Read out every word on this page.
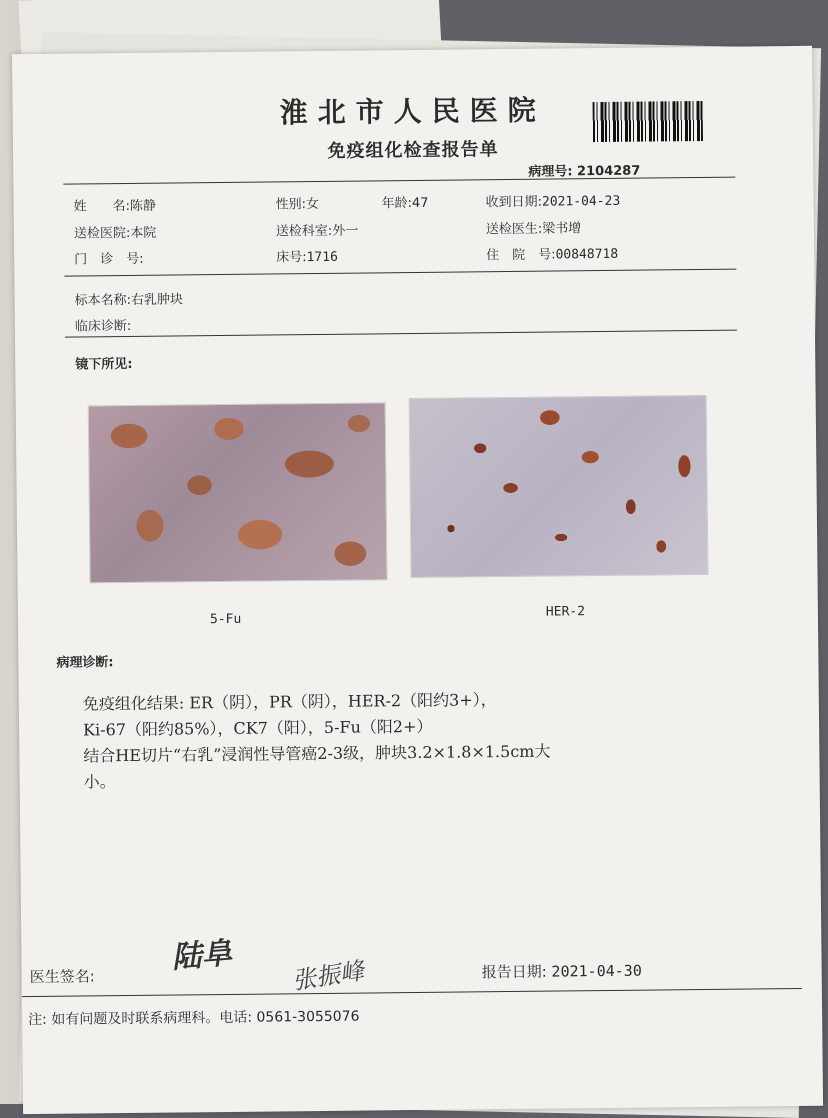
淮北市人民医院
免疫组化检查报告单
病理号: 2104287
姓　　名:陈静	性别:女	年龄:47	收到日期:2021-04-23
送检医院:本院	送检科室:外一	送检医生:梁书增
门　诊　号:	床号:1716	住　院　号:00848718
标本名称:右乳肿块
临床诊断:
镜下所见:
5-Fu	HER-2
病理诊断:
免疫组化结果: ER（阴），PR（阴），HER-2（阳约3+），
Ki-67（阳约85%），CK7（阳），5-Fu（阳2+）
结合HE切片“右乳”浸润性导管癌2-3级，肿块3.2×1.8×1.5cm大
小。
医生签名:
陆阜
张振峰	报告日期: 2021-04-30
注: 如有问题及时联系病理科。电话: 0561-3055076
